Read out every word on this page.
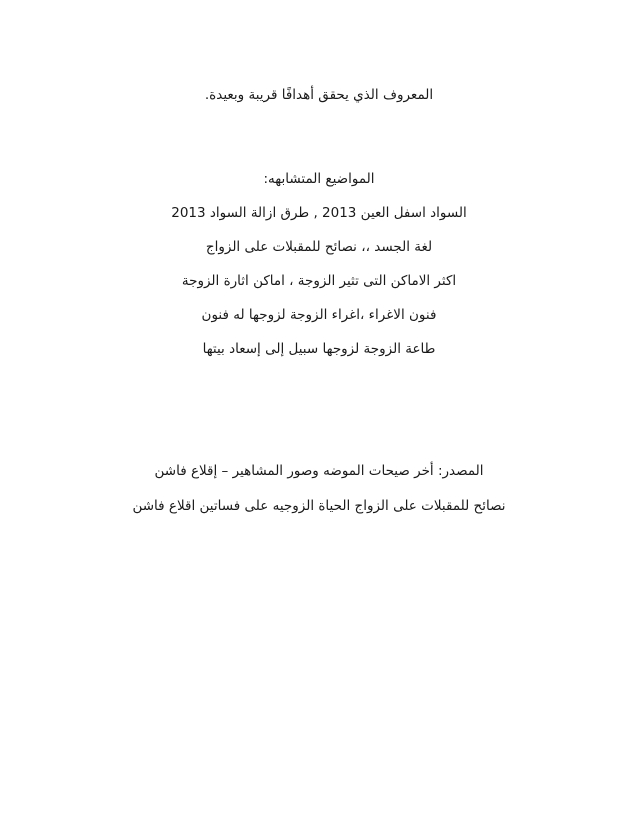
المعروف الذي يحقق أهدافًا قريبة وبعيدة.
المواضيع المتشابهه:
السواد اسفل العين 2013 , طرق ازالة السواد 2013
لغة الجسد ،، نصائح للمقبلات على الزواج
اكثر الاماكن التى تثير الزوجة ، اماكن اثارة الزوجة
فنون الاغراء ،اغراء الزوجة لزوجها له فنون
طاعة الزوجة لزوجها سبيل إلى إسعاد بيتها
المصدر: أخر صيحات الموضه وصور المشاهير – إقلاع فاشن
نصائح للمقبلات على الزواج الحياة الزوجيه على فساتين اقلاع فاشن
